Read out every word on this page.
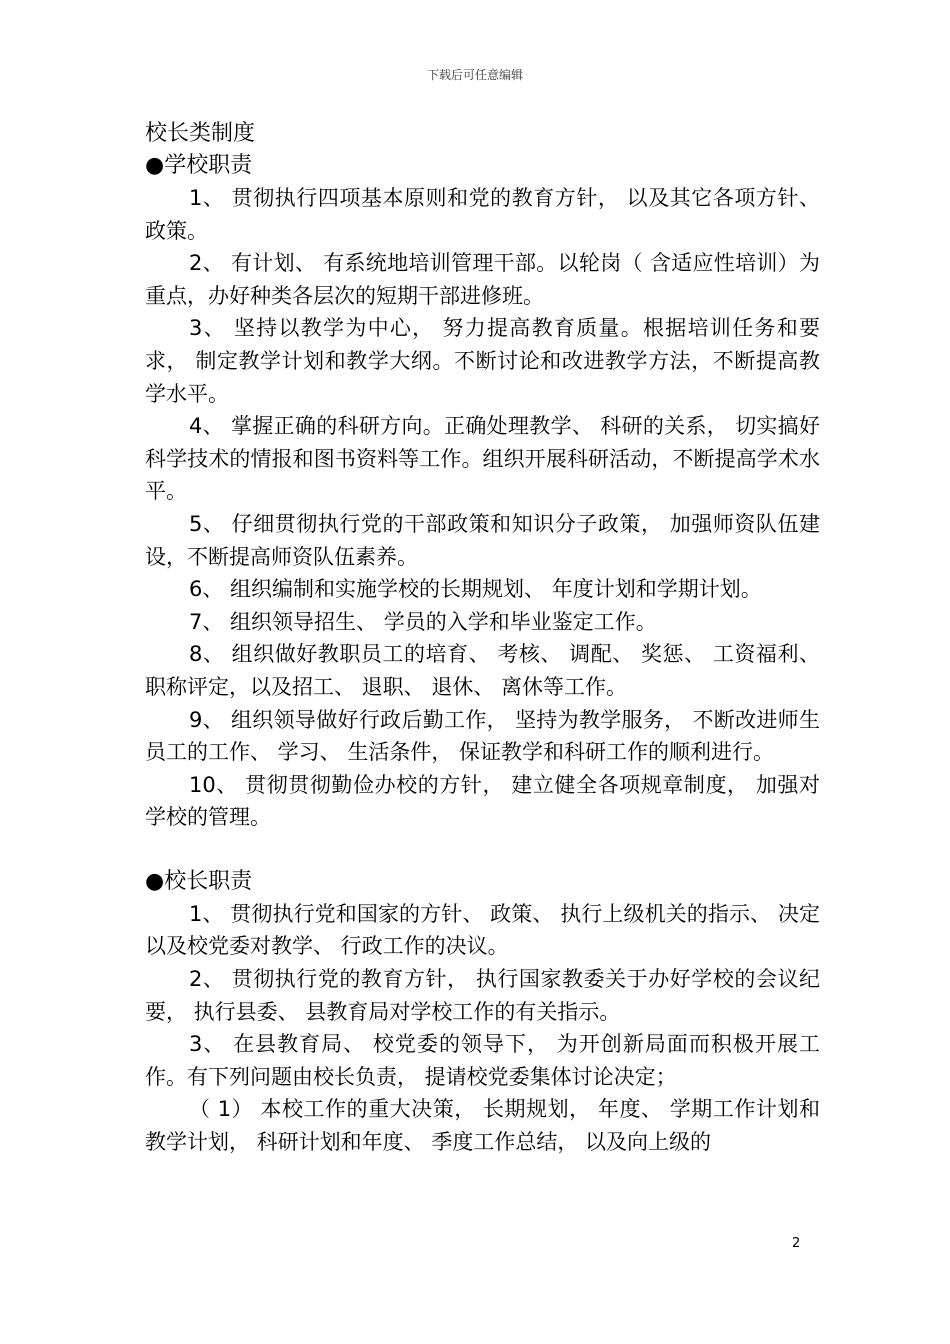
下载后可任意编辑
校长类制度
●学校职责

1、 贯彻执行四项基本原则和党的教育方针， 以及其它各项方针、 政策。

2、 有计划、 有系统地培训管理干部。以轮岗（ 含适应性培训）为重点，办好种类各层次的短期干部进修班。

3、 坚持以教学为中心， 努力提高教育质量。根据培训任务和要求， 制定教学计划和教学大纲。不断讨论和改进教学方法，不断提高教学水平。

4、 掌握正确的科研方向。正确处理教学、 科研的关系， 切实搞好科学技术的情报和图书资料等工作。组织开展科研活动，不断提高学术水平。

5、 仔细贯彻执行党的干部政策和知识分子政策， 加强师资队伍建设，不断提高师资队伍素养。

6、 组织编制和实施学校的长期规划、 年度计划和学期计划。

7、 组织领导招生、 学员的入学和毕业鉴定工作。

8、 组织做好教职员工的培育、 考核、 调配、 奖惩、 工资福利、 职称评定，以及招工、 退职、 退休、 离休等工作。

9、 组织领导做好行政后勤工作， 坚持为教学服务， 不断改进师生员工的工作、 学习、 生活条件， 保证教学和科研工作的顺利进行。

10、 贯彻贯彻勤俭办校的方针， 建立健全各项规章制度， 加强对学校的管理。

●校长职责

1、 贯彻执行党和国家的方针、 政策、 执行上级机关的指示、 决定以及校党委对教学、 行政工作的决议。

2、 贯彻执行党的教育方针， 执行国家教委关于办好学校的会议纪要， 执行县委、 县教育局对学校工作的有关指示。

3、 在县教育局、 校党委的领导下， 为开创新局面而积极开展工作。有下列问题由校长负责， 提请校党委集体讨论决定；

（ 1） 本校工作的重大决策， 长期规划， 年度、 学期工作计划和教学计划， 科研计划和年度、 季度工作总结， 以及向上级的

2
